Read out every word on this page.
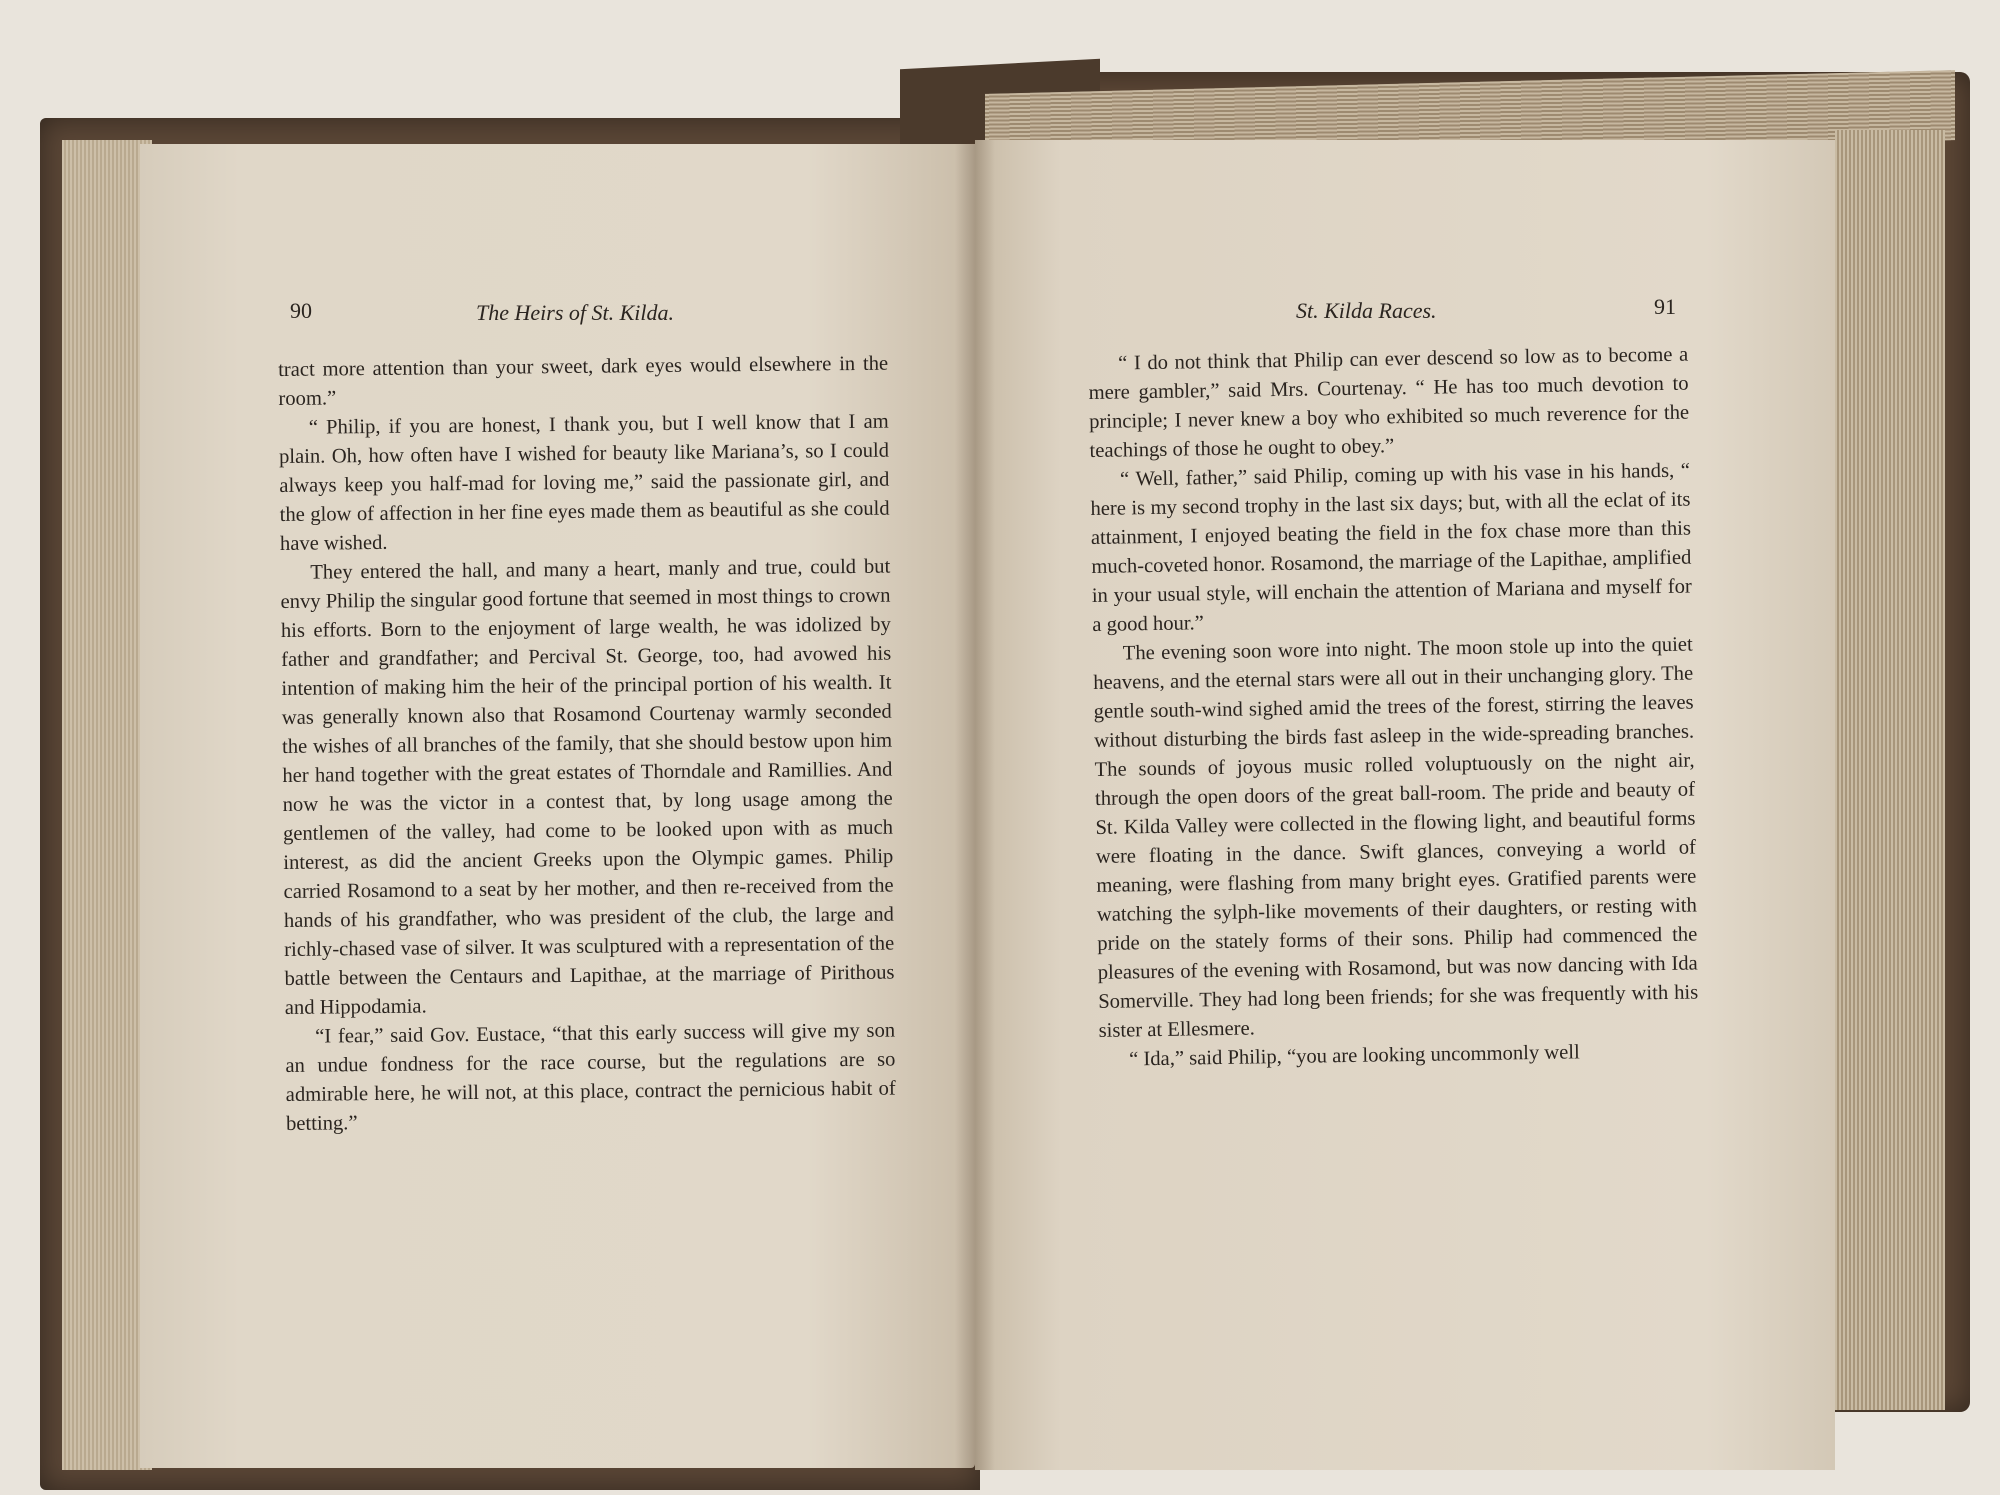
90	The Heirs of St. Kilda.	St. Kilda Races.	91

tract more attention than your sweet, dark eyes would elsewhere in the room.”

“ Philip, if you are honest, I thank you, but I well know that I am plain. Oh, how often have I wished for beauty like Mariana’s, so I could always keep you half-mad for loving me,” said the passionate girl, and the glow of affection in her fine eyes made them as beautiful as she could have wished.

They entered the hall, and many a heart, manly and true, could but envy Philip the singular good fortune that seemed in most things to crown his efforts. Born to the enjoyment of large wealth, he was idolized by father and grandfather; and Percival St. George, too, had avowed his intention of making him the heir of the principal portion of his wealth. It was generally known also that Rosamond Courtenay warmly seconded the wishes of all branches of the family, that she should bestow upon him her hand together with the great estates of Thorndale and Ramillies. And now he was the victor in a contest that, by long usage among the gentlemen of the valley, had come to be looked upon with as much interest, as did the ancient Greeks upon the Olympic games. Philip carried Rosamond to a seat by her mother, and then re-received from the hands of his grandfather, who was president of the club, the large and richly-chased vase of silver. It was sculptured with a representation of the battle between the Centaurs and Lapithae, at the marriage of Pirithous and Hippodamia.

“I fear,” said Gov. Eustace, “that this early success will give my son an undue fondness for the race course, but the regulations are so admirable here, he will not, at this place, contract the pernicious habit of betting.”

“ I do not think that Philip can ever descend so low as to become a mere gambler,” said Mrs. Courtenay. “ He has too much devotion to principle; I never knew a boy who exhibited so much reverence for the teachings of those he ought to obey.”

“ Well, father,” said Philip, coming up with his vase in his hands, “ here is my second trophy in the last six days; but, with all the eclat of its attainment, I enjoyed beating the field in the fox chase more than this much-coveted honor. Rosamond, the marriage of the Lapithae, amplified in your usual style, will enchain the attention of Mariana and myself for a good hour.”

The evening soon wore into night. The moon stole up into the quiet heavens, and the eternal stars were all out in their unchanging glory. The gentle south-wind sighed amid the trees of the forest, stirring the leaves without disturbing the birds fast asleep in the wide-spreading branches. The sounds of joyous music rolled voluptuously on the night air, through the open doors of the great ball-room. The pride and beauty of St. Kilda Valley were collected in the flowing light, and beautiful forms were floating in the dance. Swift glances, conveying a world of meaning, were flashing from many bright eyes. Gratified parents were watching the sylph-like movements of their daughters, or resting with pride on the stately forms of their sons. Philip had commenced the pleasures of the evening with Rosamond, but was now dancing with Ida Somerville. They had long been friends; for she was frequently with his sister at Ellesmere.

“ Ida,” said Philip, “you are looking uncommonly well
